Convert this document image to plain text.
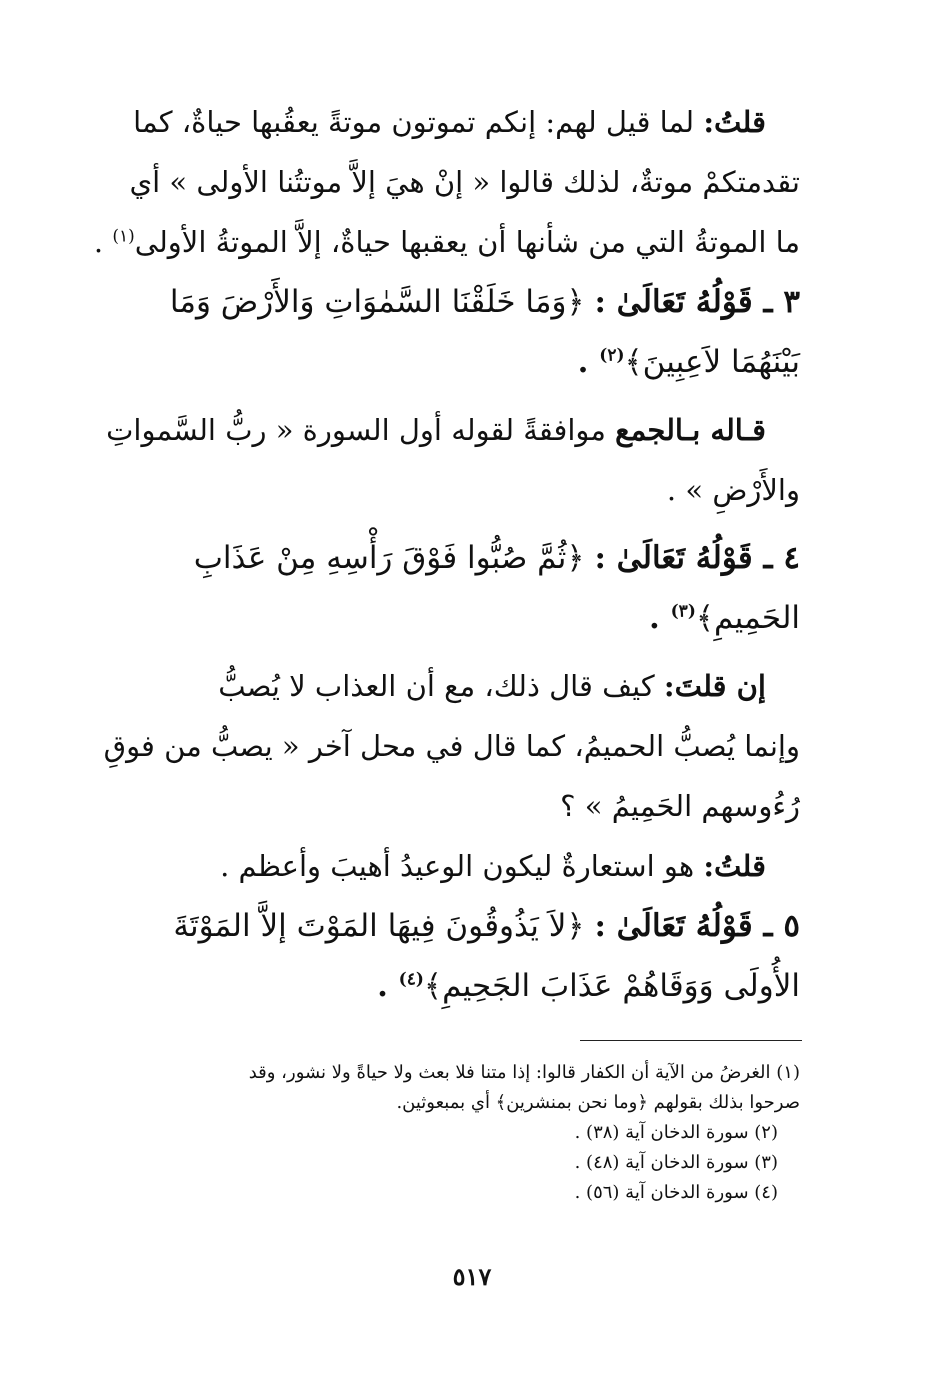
قلتُ: لما قيل لهم: إنكم تموتون موتةً يعقُبها حياةٌ، كما
تقدمتكمْ موتةٌ، لذلك قالوا « إنْ هيَ إلاَّ موتتُنا الأولى » أي
ما الموتةُ التي من شأنها أن يعقبها حياةٌ، إلاَّ الموتةُ الأولى$^{(١)}$ .
٣ ـ قَوْلُهُ تَعَالَىٰ : ﴿وَمَا خَلَقْنَا السَّمٰوَاتِ وَالأَرْضَ وَمَا
بَيْنَهُمَا لاَعِبِينَ﴾$^{(٢)}$ .
قـاله بـالجمع موافقةً لقوله أول السورة « ربُّ السَّمواتِ
والأَرْضِ » .
٤ ـ قَوْلُهُ تَعَالَىٰ : ﴿ثُمَّ صُبُّوا فَوْقَ رَأْسِهِ مِنْ عَذَابِ
الحَمِيمِ﴾$^{(٣)}$ .
إن قلتَ: كيف قال ذلك، مع أن العذاب لا يُصبُّ
وإنما يُصبُّ الحميمُ، كما قال في محل آخر « يصبُّ من فوقِ
رُءُوسهم الحَمِيمُ » ؟
قلتُ: هو استعارةٌ ليكون الوعيدُ أهيبَ وأعظم .
٥ ـ قَوْلُهُ تَعَالَىٰ : ﴿لاَ يَذُوقُونَ فِيهَا المَوْتَ إلاَّ المَوْتَةَ
الأُولَى وَوَقَاهُمْ عَذَابَ الجَحِيمِ﴾$^{(٤)}$ .
(١) الغرضُ من الآية أن الكفار قالوا: إذا متنا فلا بعث ولا حياةً ولا نشور، وقد
صرحوا بذلك بقولهم ﴿وما نحن بمنشرين﴾ أي بمبعوثين.
(٢) سورة الدخان آية (٣٨) .
(٣) سورة الدخان آية (٤٨) .
(٤) سورة الدخان آية (٥٦) .
٥١٧
